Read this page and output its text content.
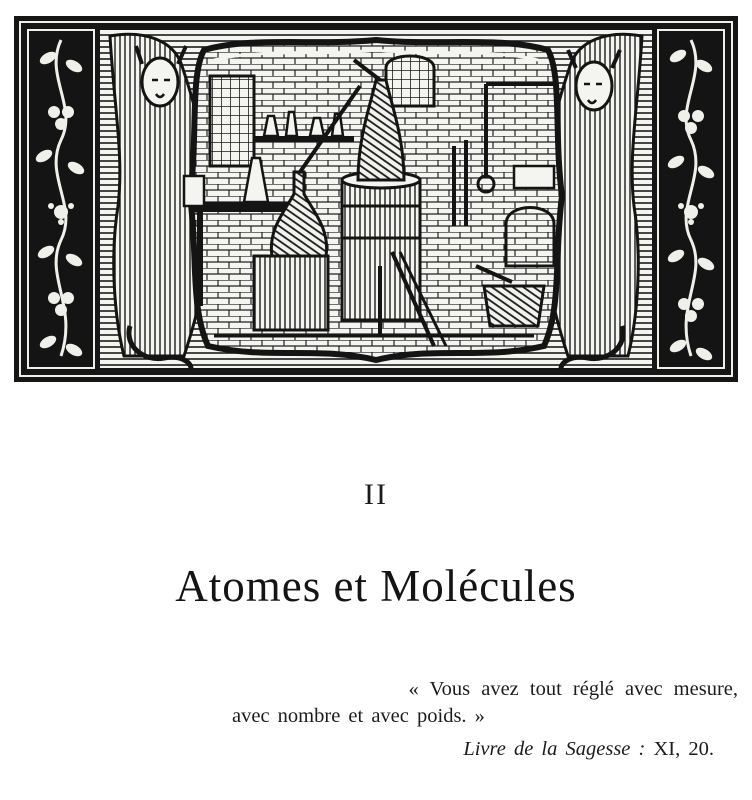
II
Atomes et Molécules
« Vous avez tout réglé avec mesure,
avec nombre et avec poids. »
Livre de la Sagesse : XI, 20.
